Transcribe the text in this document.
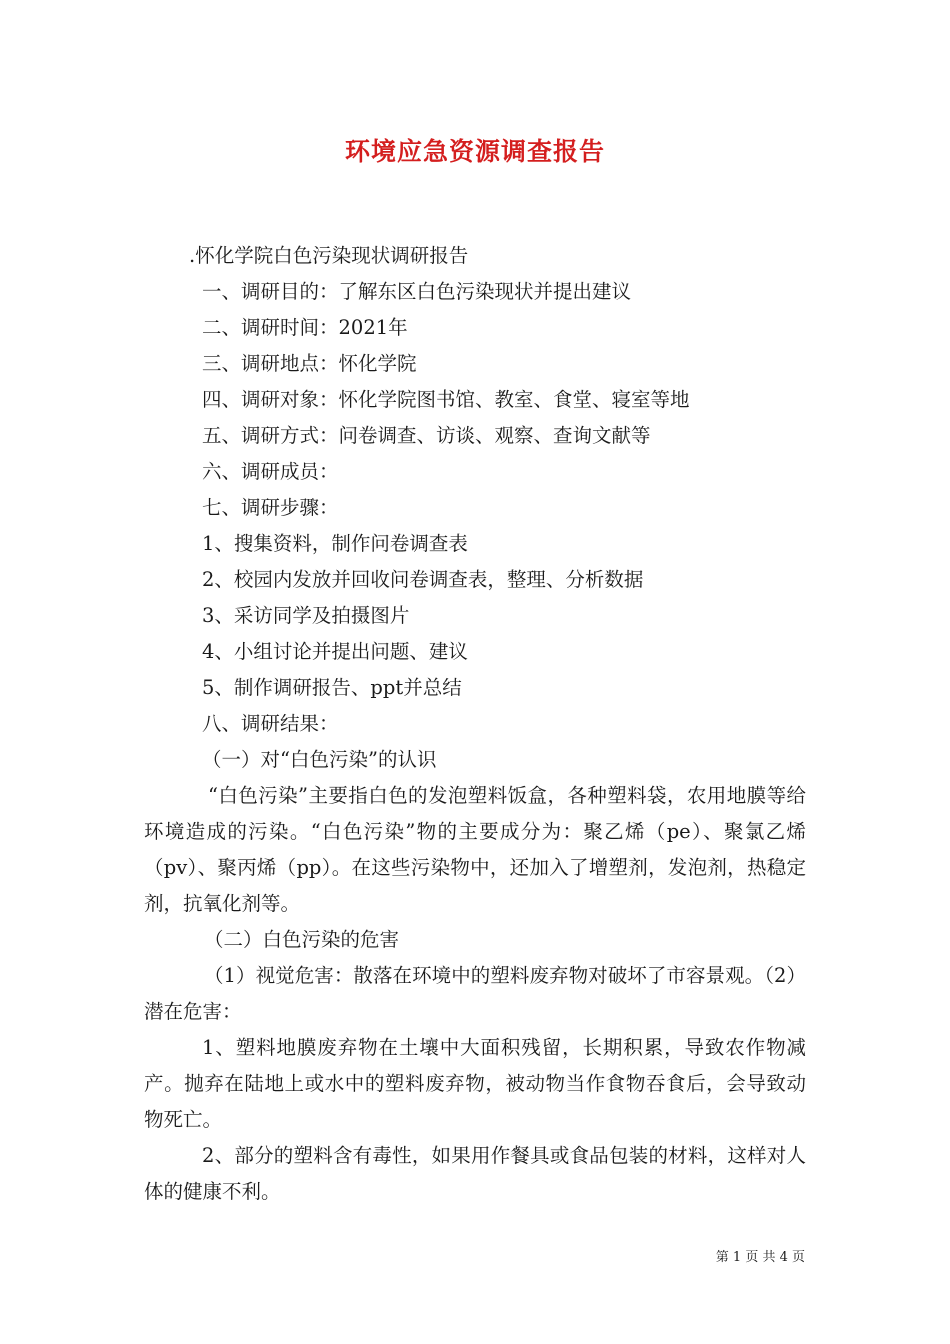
环境应急资源调查报告

.怀化学院白色污染现状调研报告

一、调研目的：了解东区白色污染现状并提出建议

二、调研时间：2021年

三、调研地点：怀化学院

四、调研对象：怀化学院图书馆、教室、食堂、寝室等地

五、调研方式：问卷调查、访谈、观察、查询文献等

六、调研成员：

七、调研步骤：

1、搜集资料，制作问卷调查表

2、校园内发放并回收问卷调查表，整理、分析数据

3、采访同学及拍摄图片

4、小组讨论并提出问题、建议

5、制作调研报告、ppt并总结

八、调研结果：

（一）对“白色污染”的认识

“白色污染”主要指白色的发泡塑料饭盒，各种塑料袋，农用地膜等给环境造成的污染。“白色污染”物的主要成分为：聚乙烯（pe）、聚氯乙烯（pv）、聚丙烯（pp）。在这些污染物中，还加入了增塑剂，发泡剂，热稳定剂，抗氧化剂等。

（二）白色污染的危害

（1）视觉危害：散落在环境中的塑料废弃物对破坏了市容景观。（2）潜在危害：

1、塑料地膜废弃物在土壤中大面积残留，长期积累，导致农作物减产。抛弃在陆地上或水中的塑料废弃物，被动物当作食物吞食后，会导致动物死亡。

2、部分的塑料含有毒性，如果用作餐具或食品包装的材料，这样对人体的健康不利。

第 1 页 共 4 页
